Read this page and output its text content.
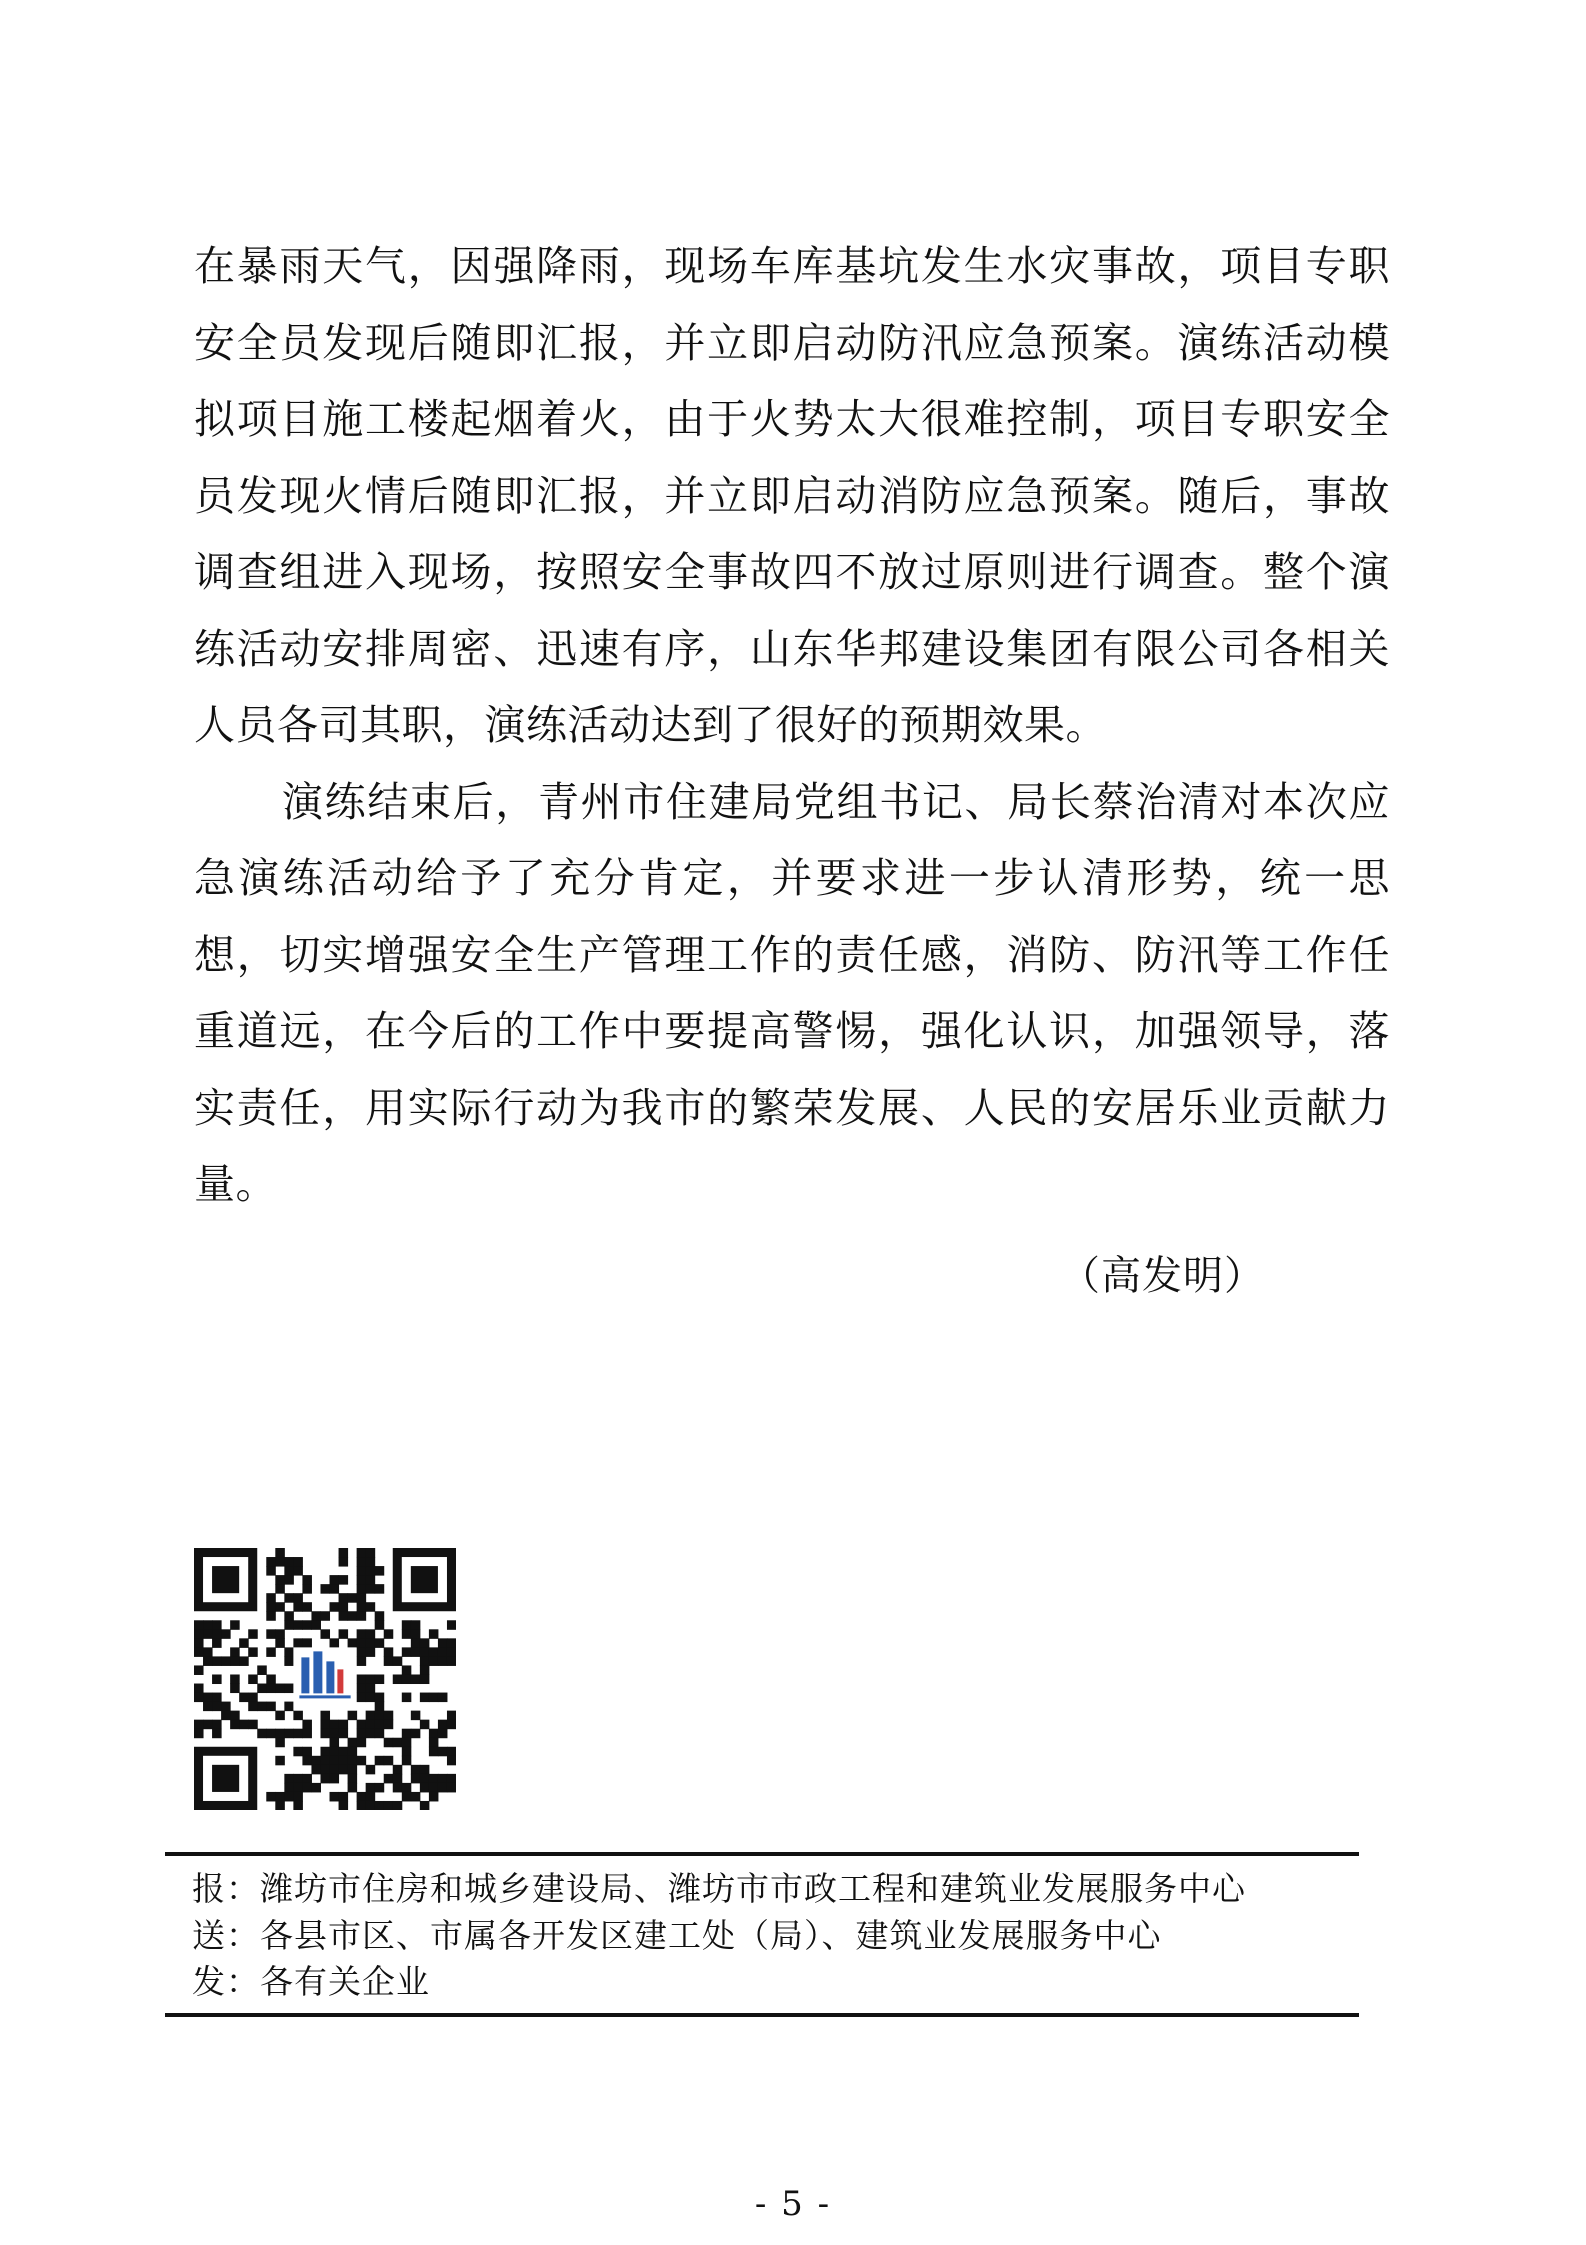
在暴雨天气，因强降雨，现场车库基坑发生水灾事故，项目专职安全员发现后随即汇报，并立即启动防汛应急预案。演练活动模拟项目施工楼起烟着火，由于火势太大很难控制，项目专职安全员发现火情后随即汇报，并立即启动消防应急预案。随后，事故调查组进入现场，按照安全事故四不放过原则进行调查。整个演练活动安排周密、迅速有序，山东华邦建设集团有限公司各相关人员各司其职，演练活动达到了很好的预期效果。

演练结束后，青州市住建局党组书记、局长蔡治清对本次应急演练活动给予了充分肯定，并要求进一步认清形势，统一思想，切实增强安全生产管理工作的责任感，消防、防汛等工作任重道远，在今后的工作中要提高警惕，强化认识，加强领导，落实责任，用实际行动为我市的繁荣发展、人民的安居乐业贡献力量。

（高发明）
报：潍坊市住房和城乡建设局、潍坊市市政工程和建筑业发展服务中心
送：各县市区、市属各开发区建工处（局）、建筑业发展服务中心
发：各有关企业
- 5 -
